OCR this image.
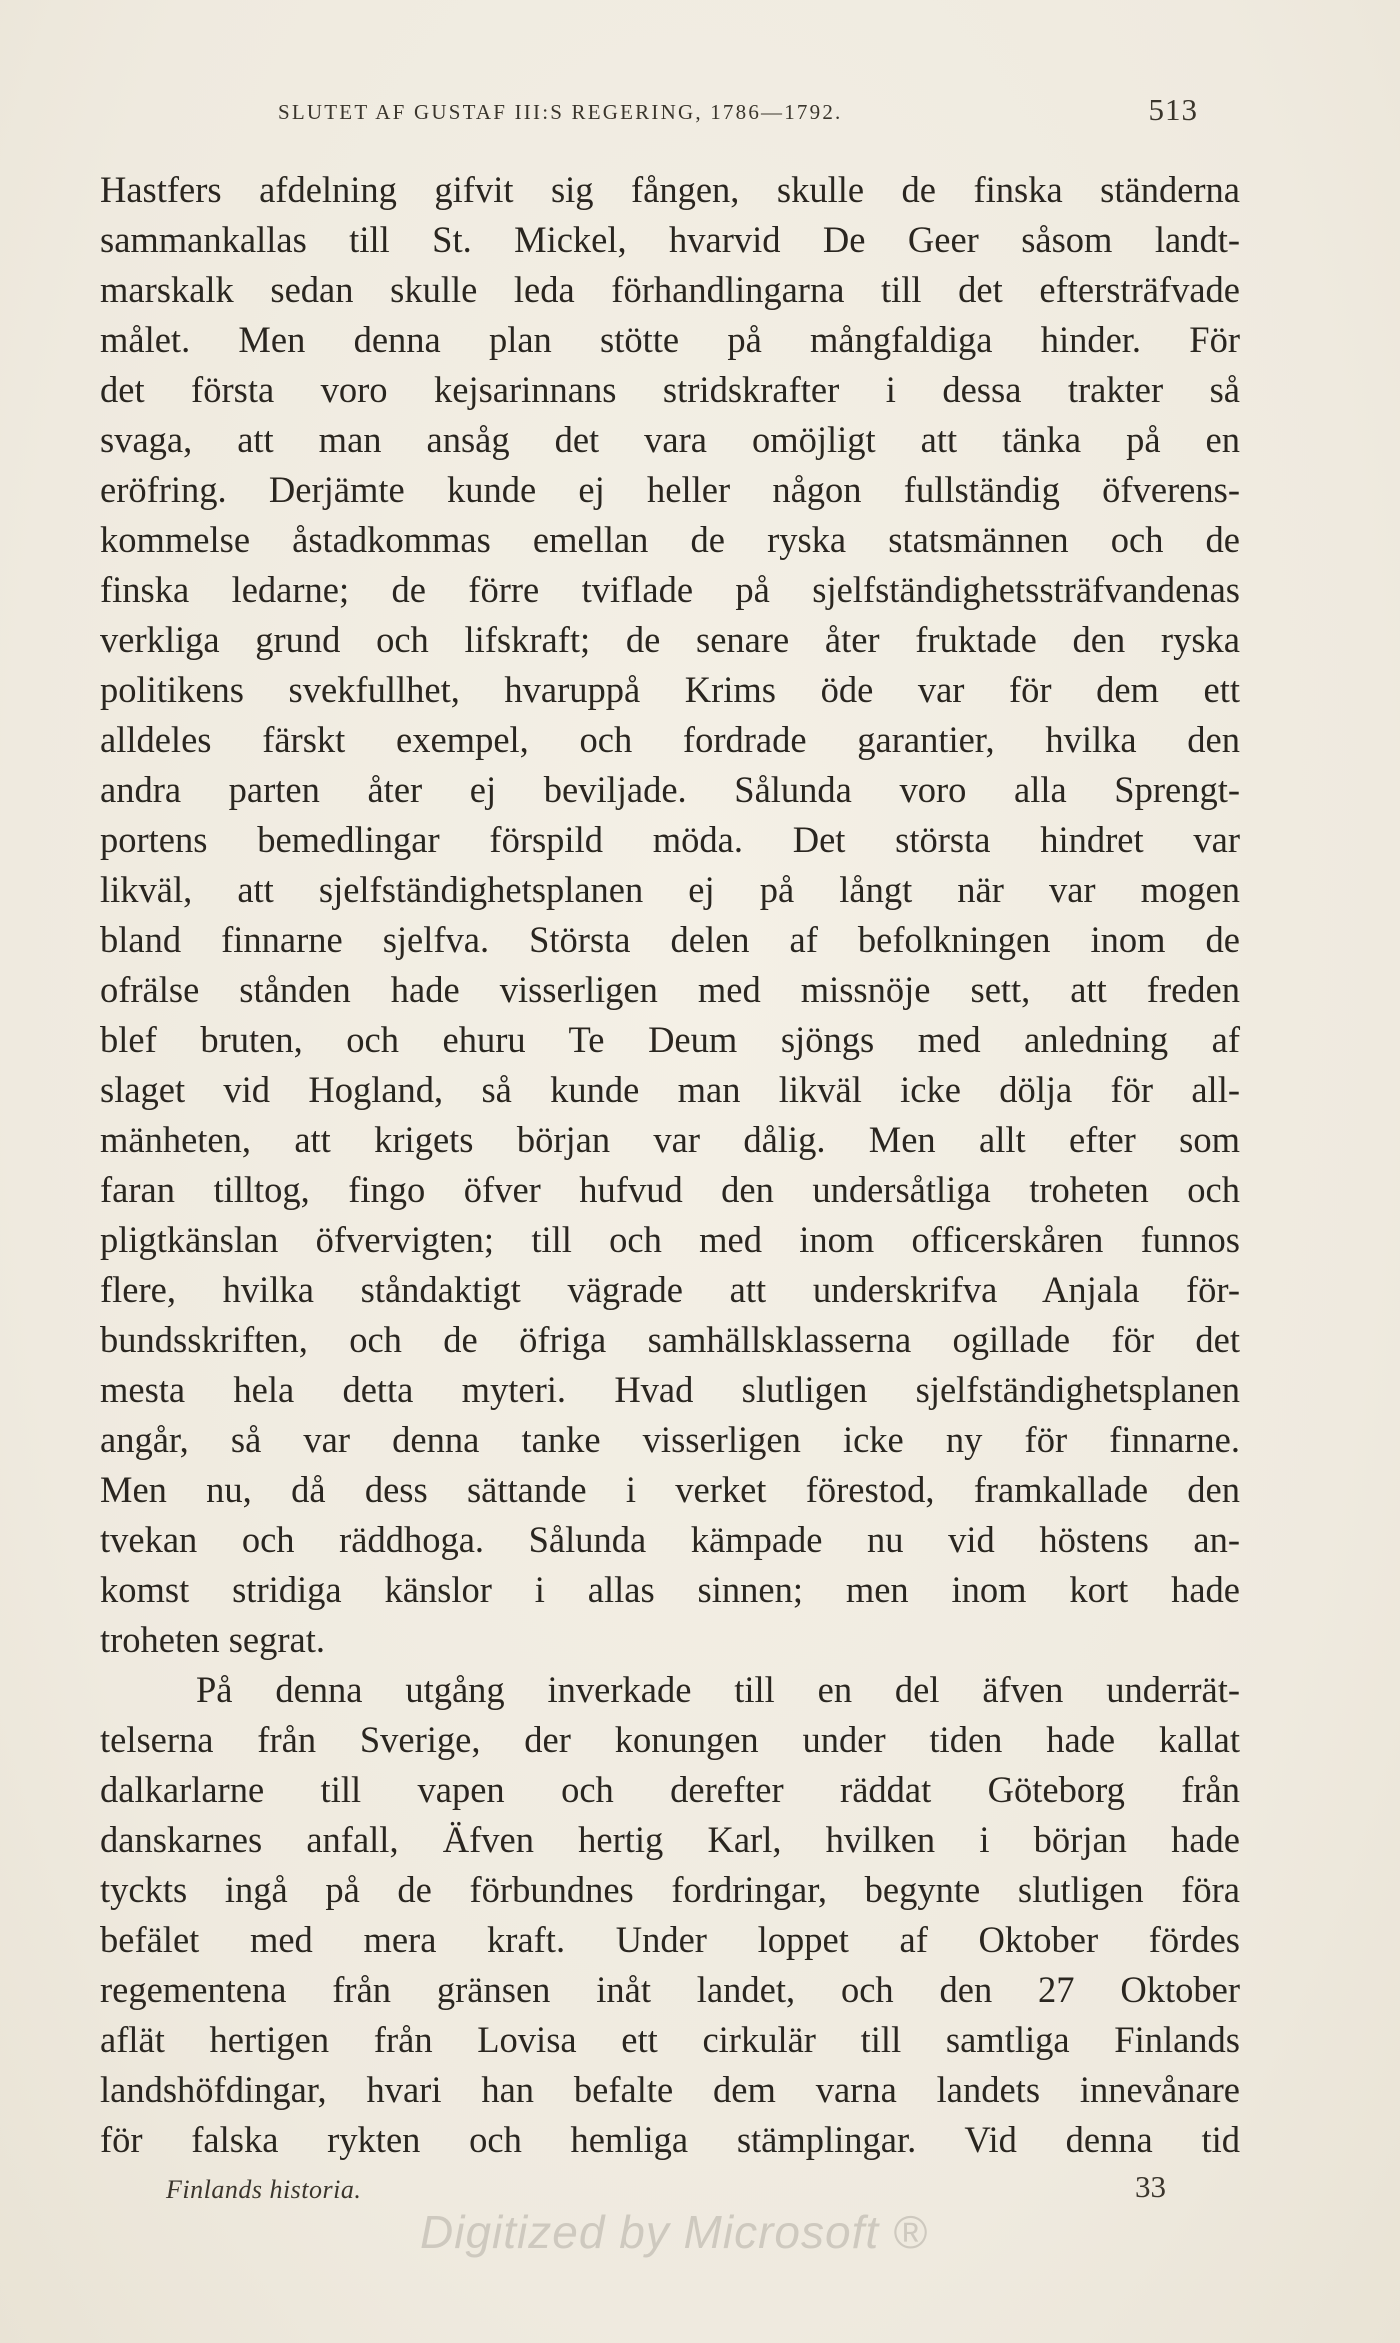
SLUTET AF GUSTAF III:S REGERING, 1786—1792.	513
Hastfers afdelning gifvit sig fången, skulle de finska ständerna
sammankallas till St. Mickel, hvarvid De Geer såsom landt-
marskalk sedan skulle leda förhandlingarna till det eftersträfvade
målet. Men denna plan stötte på mångfaldiga hinder. För
det första voro kejsarinnans stridskrafter i dessa trakter så
svaga, att man ansåg det vara omöjligt att tänka på en
eröfring. Derjämte kunde ej heller någon fullständig öfverens-
kommelse åstadkommas emellan de ryska statsmännen och de
finska ledarne; de förre tviflade på sjelfständighetssträfvandenas
verkliga grund och lifskraft; de senare åter fruktade den ryska
politikens svekfullhet, hvaruppå Krims öde var för dem ett
alldeles färskt exempel, och fordrade garantier, hvilka den
andra parten åter ej beviljade. Sålunda voro alla Sprengt-
portens bemedlingar förspild möda. Det största hindret var
likväl, att sjelfständighetsplanen ej på långt när var mogen
bland finnarne sjelfva. Största delen af befolkningen inom de
ofrälse stånden hade visserligen med missnöje sett, att freden
blef bruten, och ehuru Te Deum sjöngs med anledning af
slaget vid Hogland, så kunde man likväl icke dölja för all-
mänheten, att krigets början var dålig. Men allt efter som
faran tilltog, fingo öfver hufvud den undersåtliga troheten och
pligtkänslan öfvervigten; till och med inom officerskåren funnos
flere, hvilka ståndaktigt vägrade att underskrifva Anjala för-
bundsskriften, och de öfriga samhällsklasserna ogillade för det
mesta hela detta myteri. Hvad slutligen sjelfständighetsplanen
angår, så var denna tanke visserligen icke ny för finnarne.
Men nu, då dess sättande i verket förestod, framkallade den
tvekan och räddhoga. Sålunda kämpade nu vid höstens an-
komst stridiga känslor i allas sinnen; men inom kort hade
troheten segrat.
På denna utgång inverkade till en del äfven underrät-
telserna från Sverige, der konungen under tiden hade kallat
dalkarlarne till vapen och derefter räddat Göteborg från
danskarnes anfall, Äfven hertig Karl, hvilken i början hade
tyckts ingå på de förbundnes fordringar, begynte slutligen föra
befälet med mera kraft. Under loppet af Oktober fördes
regementena från gränsen inåt landet, och den 27 Oktober
aflät hertigen från Lovisa ett cirkulär till samtliga Finlands
landshöfdingar, hvari han befalte dem varna landets innevånare
för falska rykten och hemliga stämplingar. Vid denna tid
Finlands historia.	33
Digitized by Microsoft ®
